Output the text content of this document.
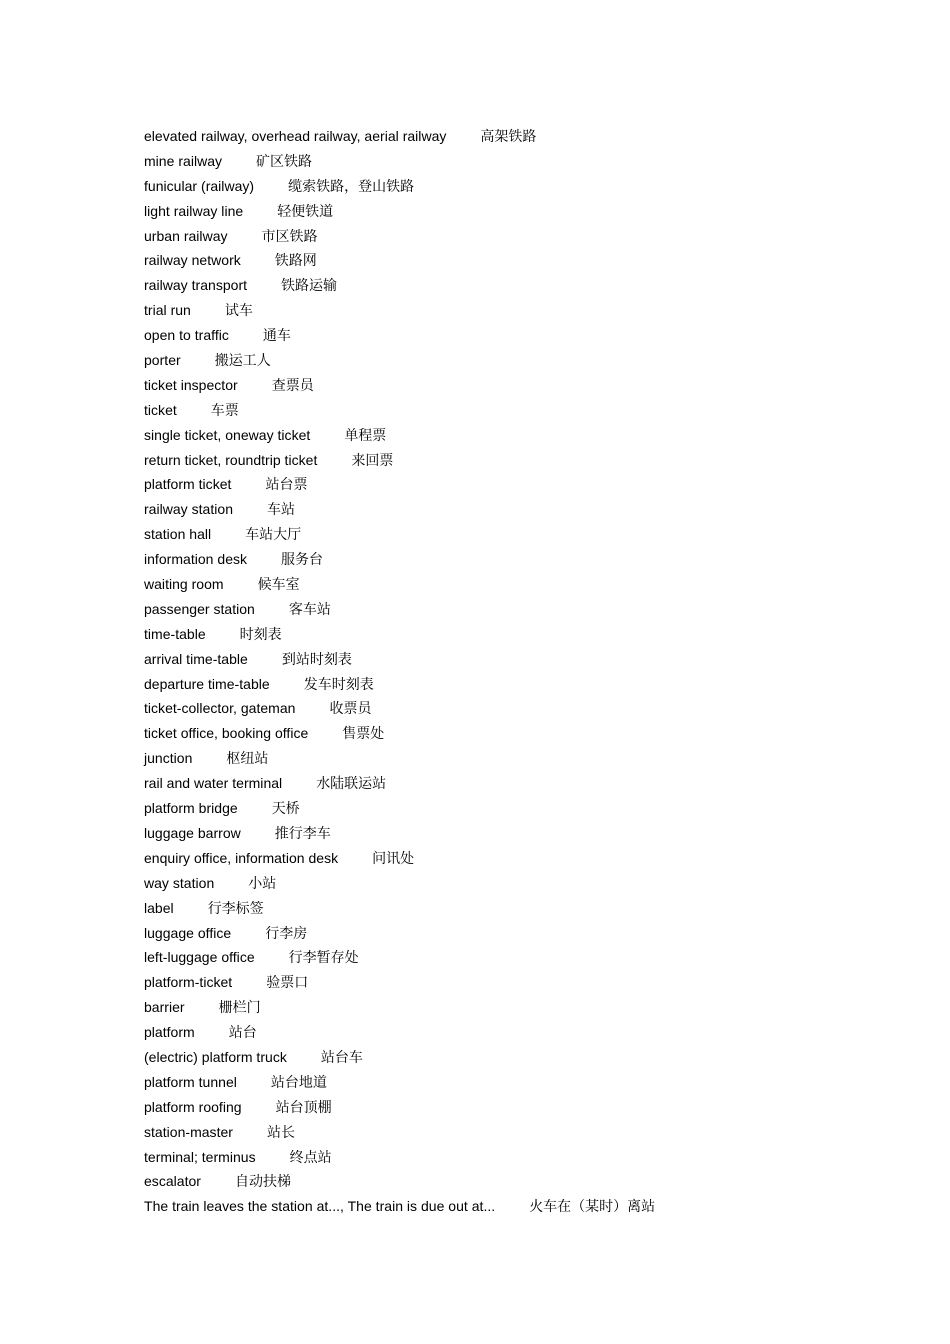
elevated railway, overhead railway, aerial railway 高架铁路
mine railway 矿区铁路
funicular (railway) 缆索铁路，登山铁路
light railway line 轻便铁道
urban railway 市区铁路
railway network 铁路网
railway transport 铁路运输
trial run 试车
open to traffic 通车
porter 搬运工人
ticket inspector 查票员
ticket 车票
single ticket, oneway ticket 单程票
return ticket, roundtrip ticket 来回票
platform ticket 站台票
railway station 车站
station hall 车站大厅
information desk 服务台
waiting room 候车室
passenger station 客车站
time-table 时刻表
arrival time-table 到站时刻表
departure time-table 发车时刻表
ticket-collector, gateman 收票员
ticket office, booking office 售票处
junction 枢纽站
rail and water terminal 水陆联运站
platform bridge 天桥
luggage barrow 推行李车
enquiry office, information desk 问讯处
way station 小站
label 行李标签
luggage office 行李房
left-luggage office 行李暂存处
platform-ticket 验票口
barrier 栅栏门
platform 站台
(electric) platform truck 站台车
platform tunnel 站台地道
platform roofing 站台顶棚
station-master 站长
terminal; terminus 终点站
escalator 自动扶梯
The train leaves the station at..., The train is due out at... 火车在（某时）离站
